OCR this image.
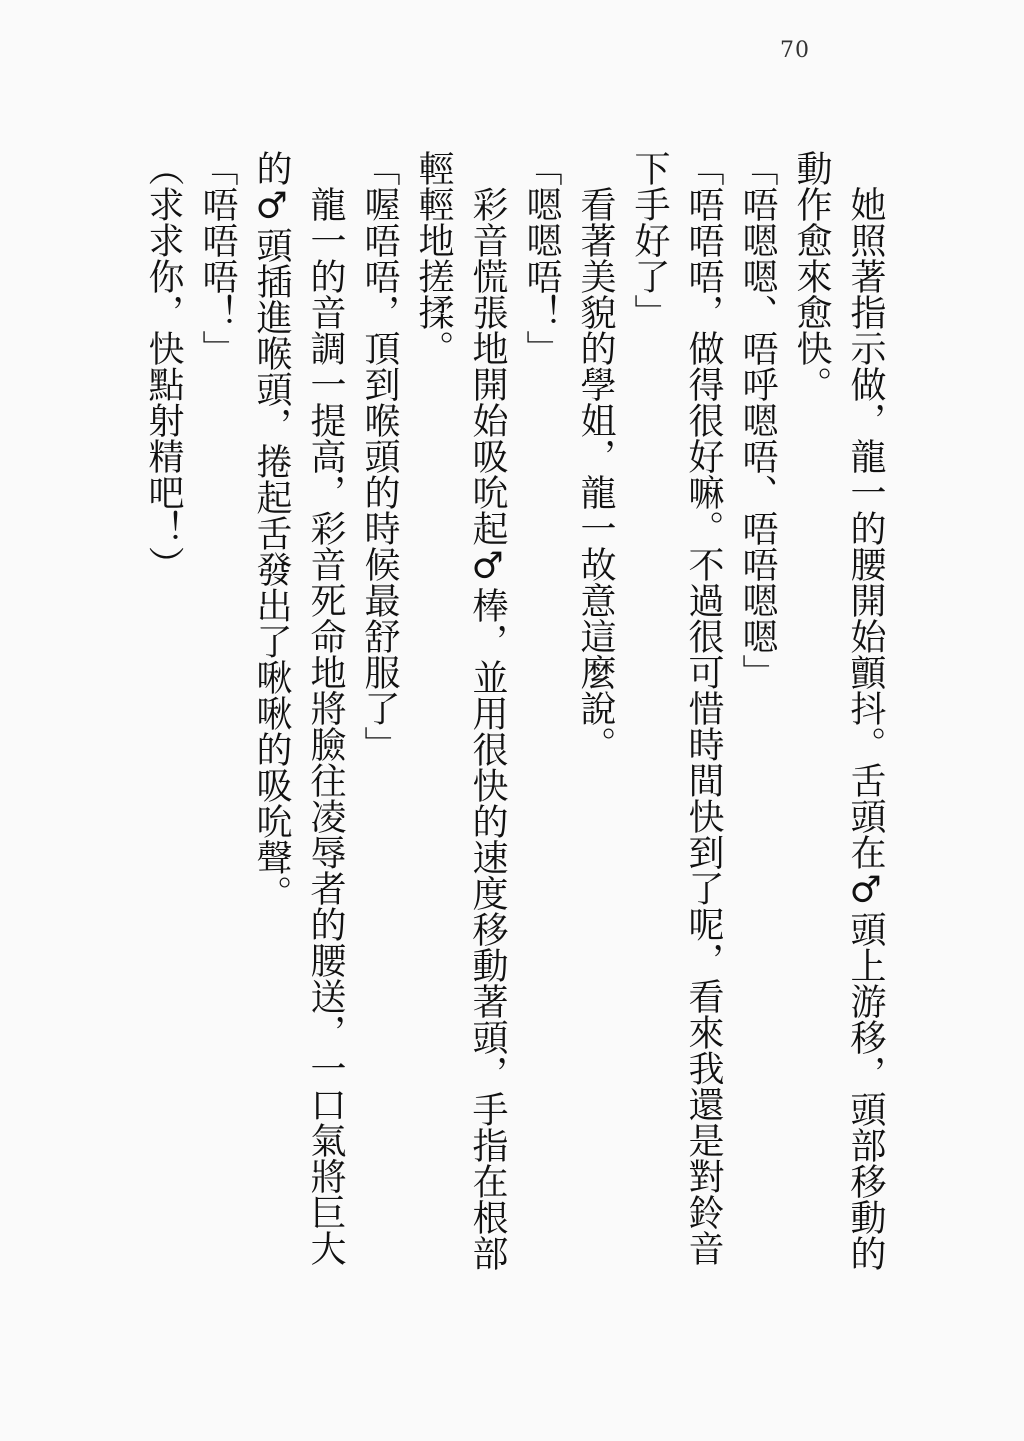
70

她照著指示做，龍一的腰開始顫抖。舌頭在♂頭上游移，頭部移動的動作愈來愈快。

「唔嗯嗯、唔呼嗯唔、唔唔嗯嗯」

「唔唔唔，做得很好嘛。不過很可惜時間快到了呢，看來我還是對鈴音下手好了」

看著美貌的學姐，龍一故意這麼說。

「嗯嗯唔！」

彩音慌張地開始吸吮起♂棒，並用很快的速度移動著頭，手指在根部輕輕地搓揉。

「喔唔唔，頂到喉頭的時候最舒服了」

龍一的音調一提高，彩音死命地將臉往凌辱者的腰送，一口氣將巨大的♂頭插進喉頭，捲起舌發出了啾啾的吸吮聲。

「唔唔唔！」

（求求你，快點射精吧！）
